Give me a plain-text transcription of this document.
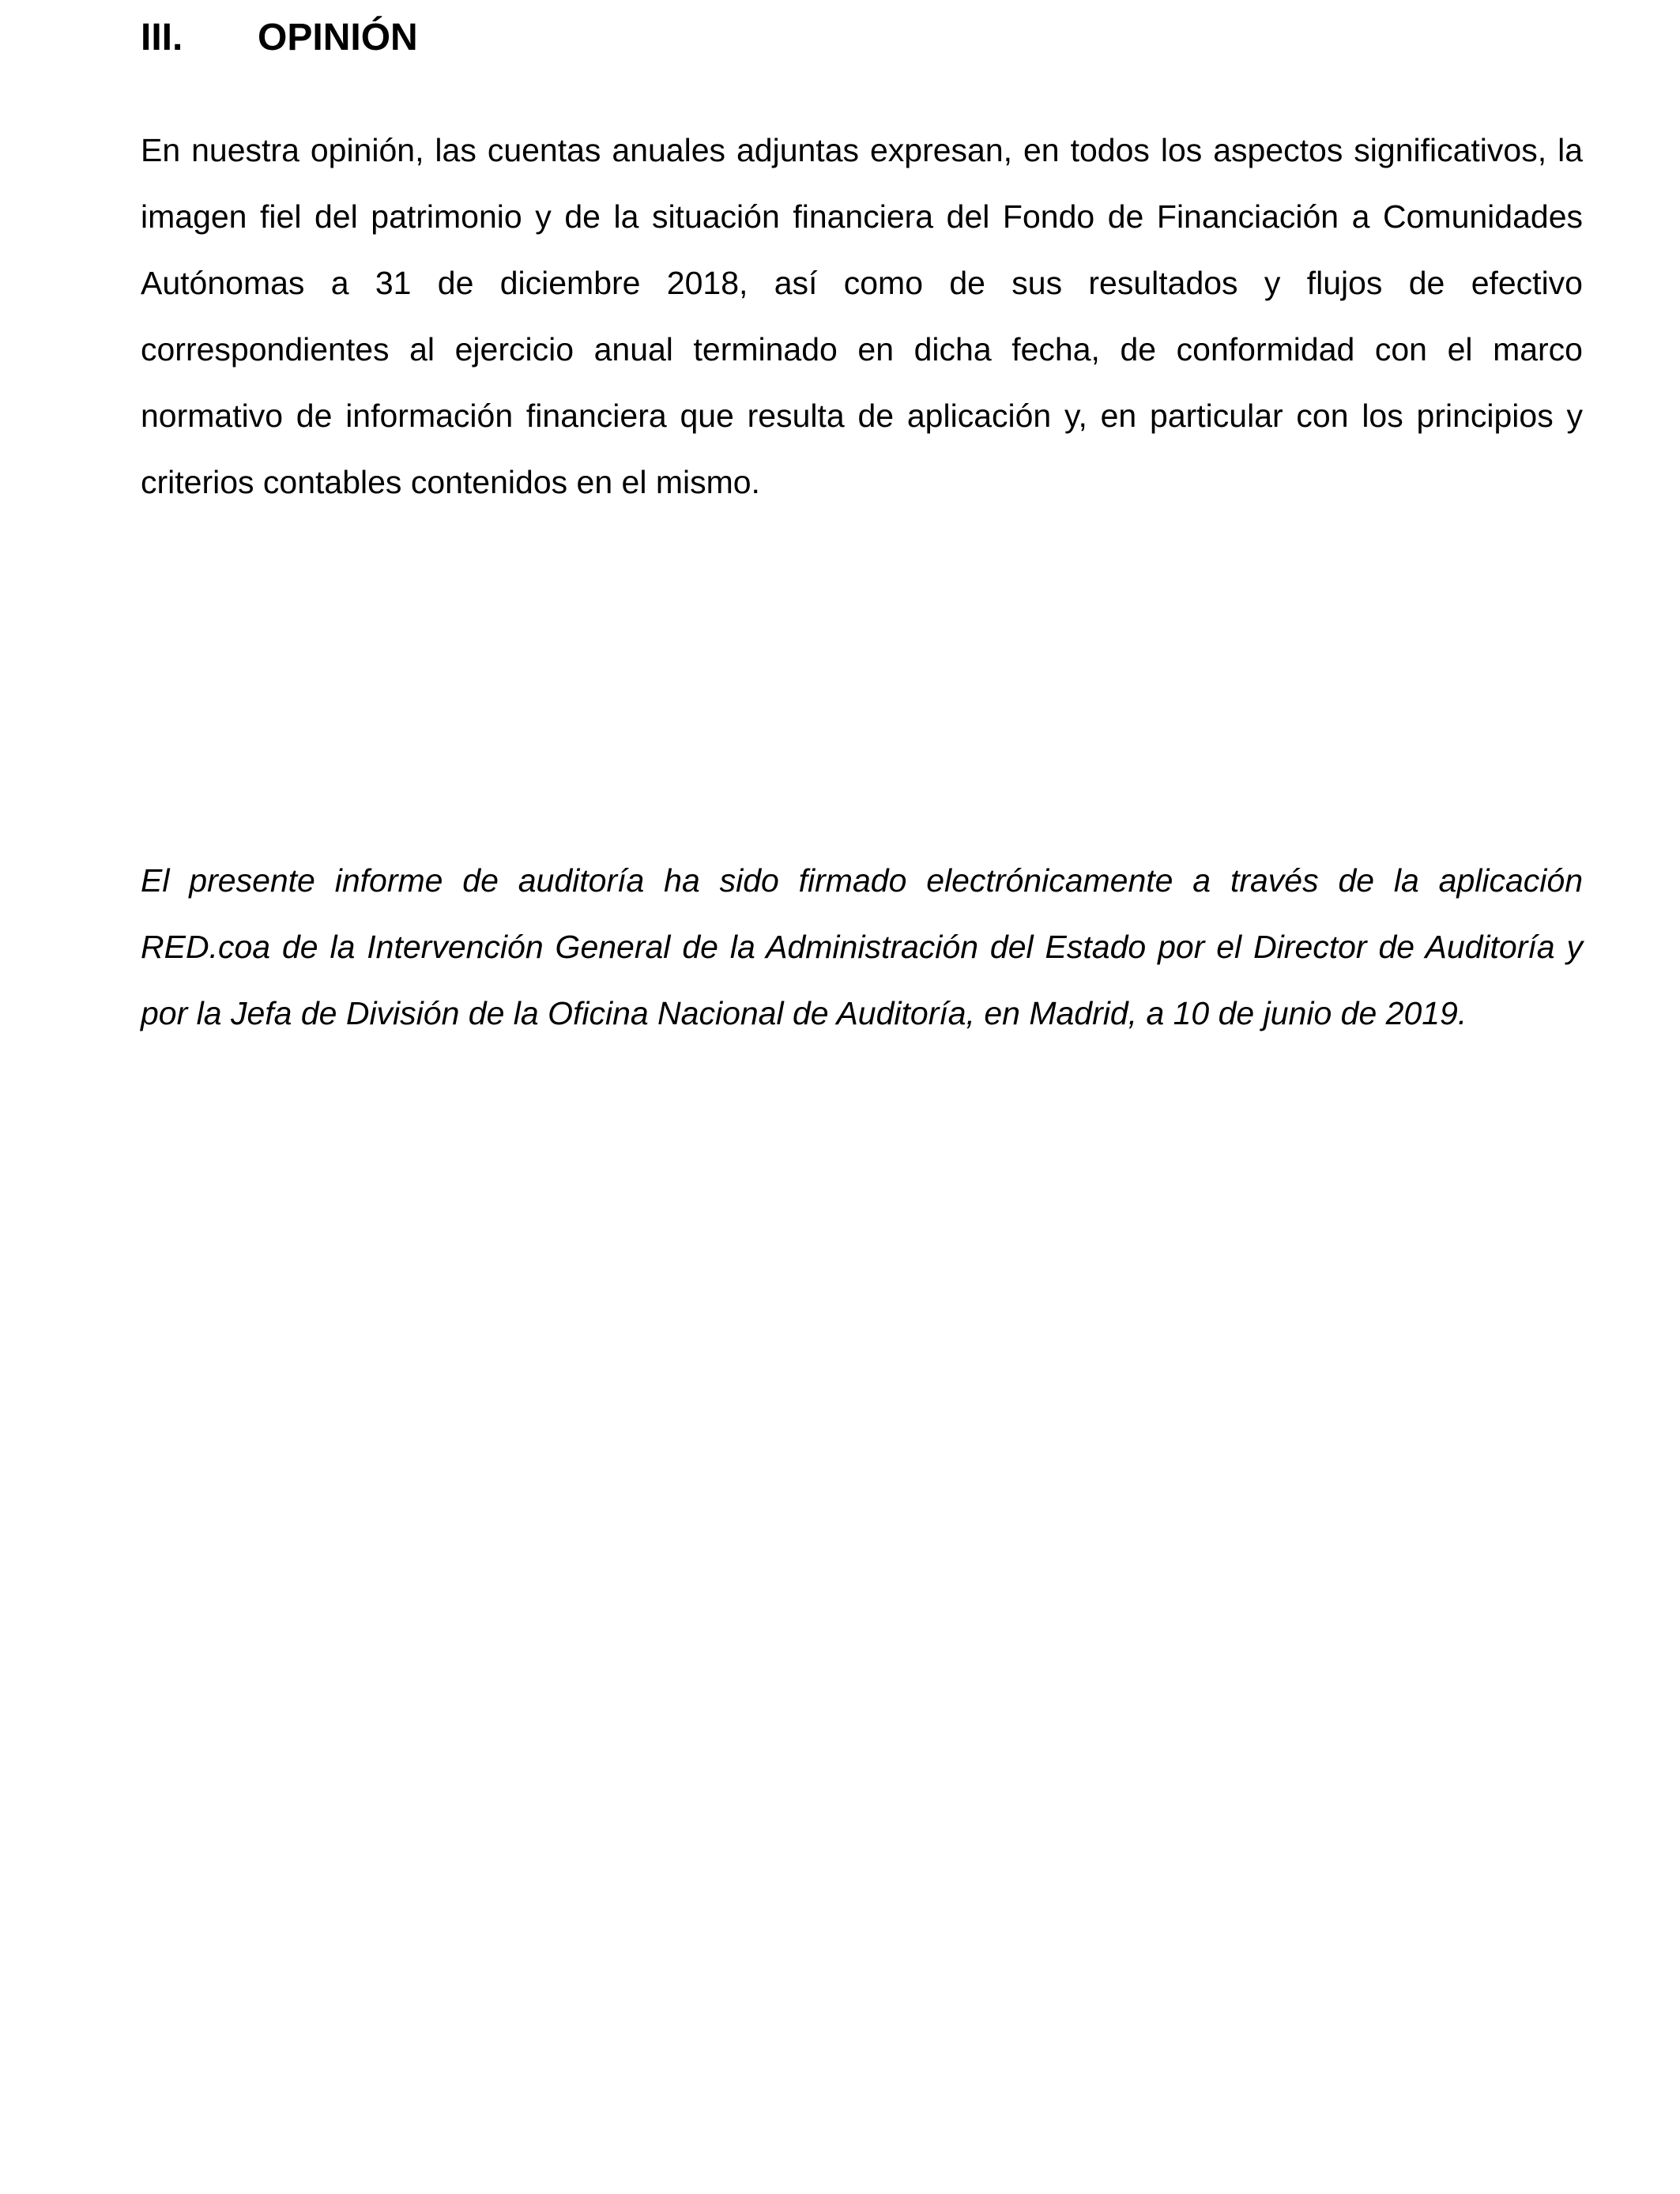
III. OPINIÓN

En nuestra opinión, las cuentas anuales adjuntas expresan, en todos los aspectos significativos, la imagen fiel del patrimonio y de la situación financiera del Fondo de Financiación a Comunidades Autónomas a 31 de diciembre 2018, así como de sus resultados y flujos de efectivo correspondientes al ejercicio anual terminado en dicha fecha, de conformidad con el marco normativo de información financiera que resulta de aplicación y, en particular con los principios y criterios contables contenidos en el mismo.

El presente informe de auditoría ha sido firmado electrónicamente a través de la aplicación RED.coa de la Intervención General de la Administración del Estado por el Director de Auditoría y por la Jefa de División de la Oficina Nacional de Auditoría, en Madrid, a 10 de junio de 2019.
